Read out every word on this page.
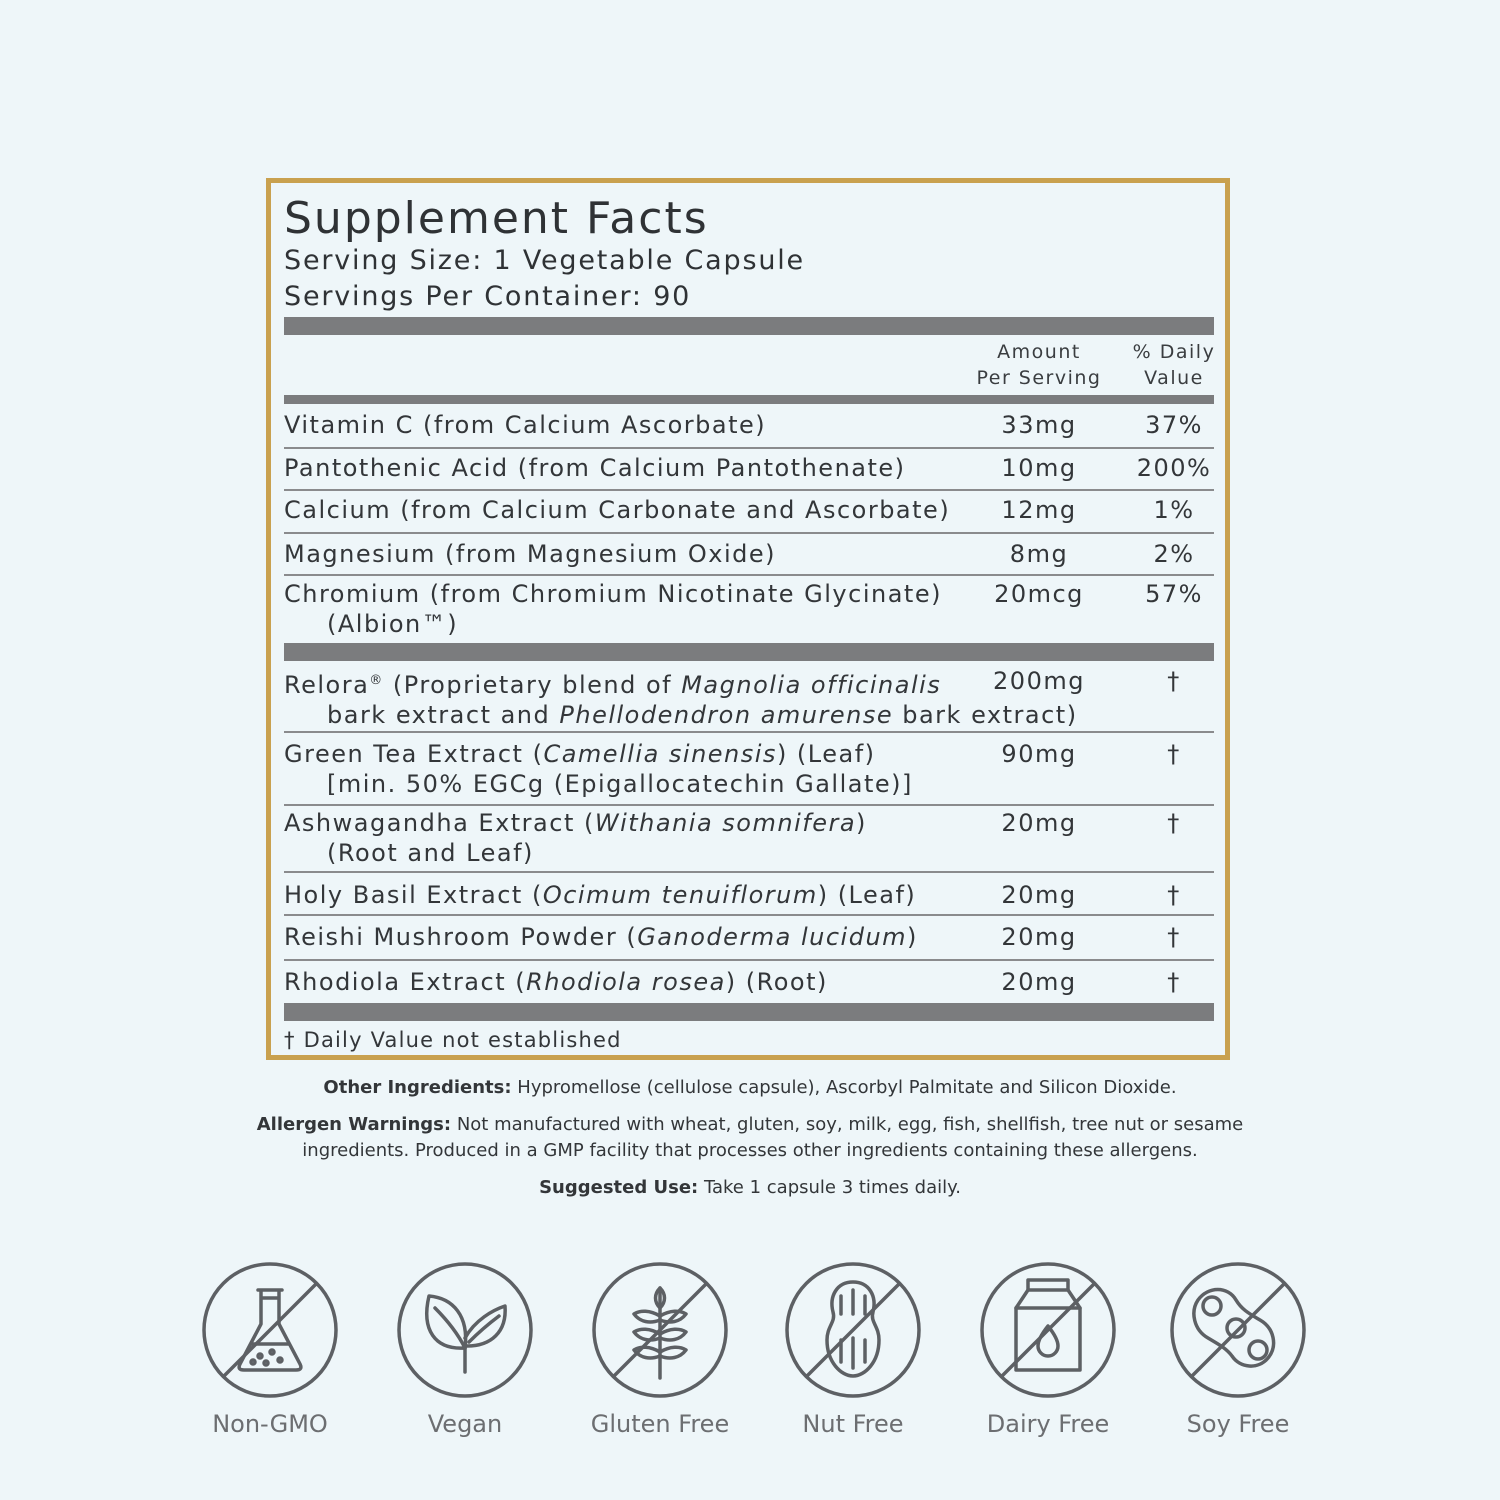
Supplement Facts
Serving Size: 1 Vegetable Capsule
Servings Per Container: 90
Amount
Per Serving
% Daily
Value
Vitamin C (from Calcium Ascorbate)	33mg	37%
Pantothenic Acid (from Calcium Pantothenate)	10mg	200%
Calcium (from Calcium Carbonate and Ascorbate)	12mg	1%
Magnesium (from Magnesium Oxide)	8mg	2%
Chromium (from Chromium Nicotinate Glycinate)
(Albion™)
20mcg	57%
Relora® (Proprietary blend of Magnolia officinalis
bark extract and Phellodendron amurense bark extract)
200mg	†
Green Tea Extract (Camellia sinensis) (Leaf)
[min. 50% EGCg (Epigallocatechin Gallate)]
90mg	†
Ashwagandha Extract (Withania somnifera)
(Root and Leaf)
20mg	†
Holy Basil Extract (Ocimum tenuiflorum) (Leaf)	20mg	†
Reishi Mushroom Powder (Ganoderma lucidum)	20mg	†
Rhodiola Extract (Rhodiola rosea) (Root)	20mg	†
† Daily Value not established
Other Ingredients: Hypromellose (cellulose capsule), Ascorbyl Palmitate and Silicon Dioxide.
Allergen Warnings: Not manufactured with wheat, gluten, soy, milk, egg, fish, shellfish, tree nut or sesame
ingredients. Produced in a GMP facility that processes other ingredients containing these allergens.
Suggested Use: Take 1 capsule 3 times daily.
Non-GMO	Vegan	Gluten Free	Nut Free	Dairy Free	Soy Free
